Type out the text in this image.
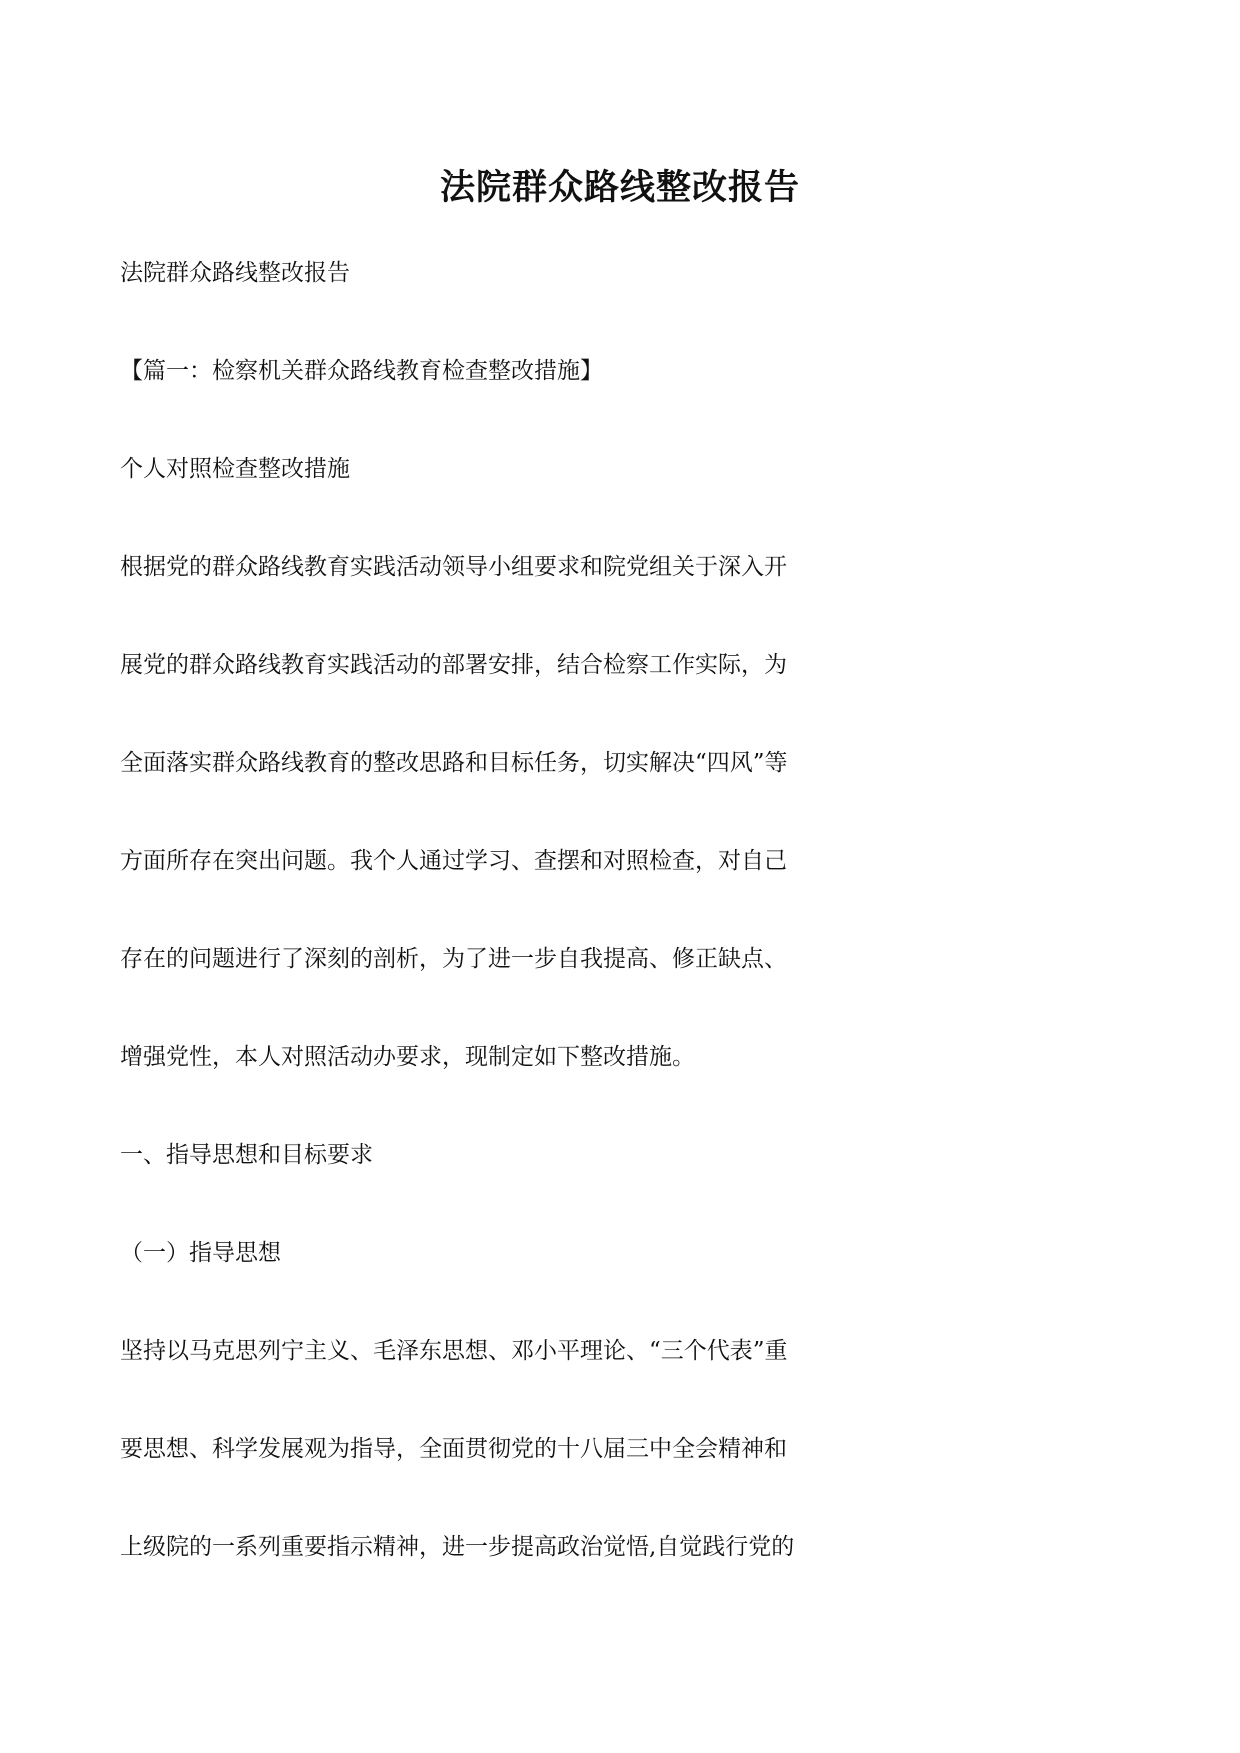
法院群众路线整改报告
法院群众路线整改报告
【篇一：检察机关群众路线教育检查整改措施】
个人对照检查整改措施
根据党的群众路线教育实践活动领导小组要求和院党组关于深入开
展党的群众路线教育实践活动的部署安排，结合检察工作实际，为
全面落实群众路线教育的整改思路和目标任务，切实解决“四风”等
方面所存在突出问题。我个人通过学习、查摆和对照检查，对自己
存在的问题进行了深刻的剖析，为了进一步自我提高、修正缺点、
增强党性，本人对照活动办要求，现制定如下整改措施。
一、指导思想和目标要求
（一）指导思想
坚持以马克思列宁主义、毛泽东思想、邓小平理论、“三个代表”重
要思想、科学发展观为指导，全面贯彻党的十八届三中全会精神和
上级院的一系列重要指示精神，进一步提高政治觉悟,自觉践行党的
